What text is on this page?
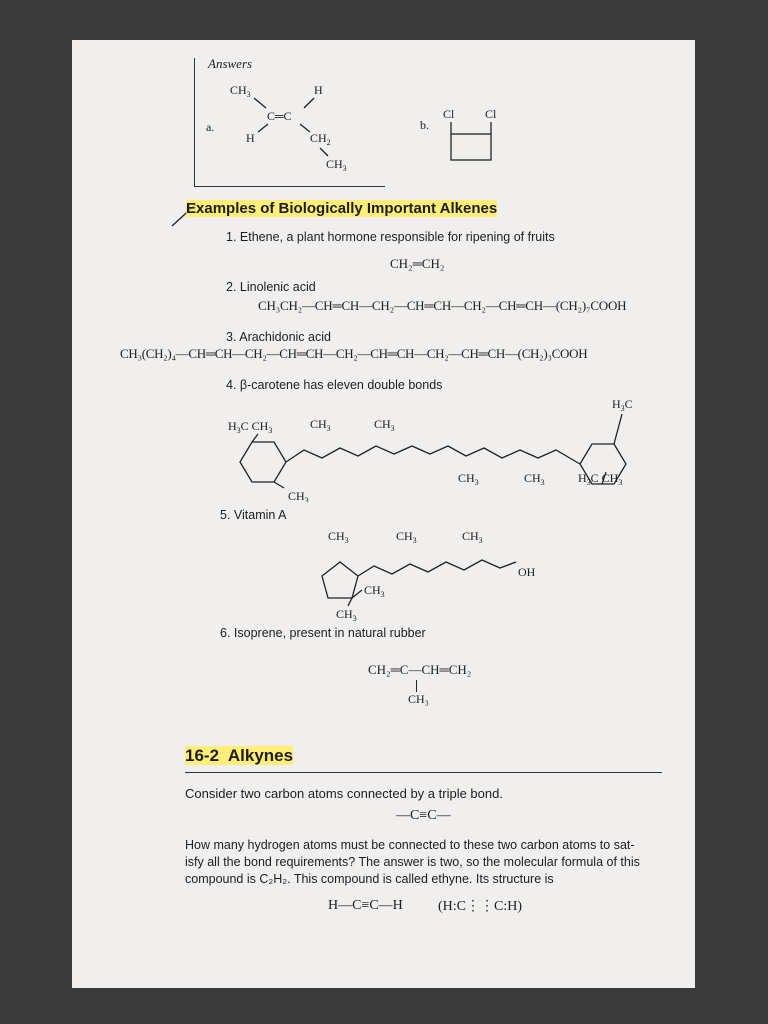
Answers
a.	b.
$CH_3$	H
C═C
H	$CH_2$
$CH_3$
Cl	Cl
Examples of Biologically Important Alkenes
1. Ethene, a plant hormone responsible for ripening of fruits
CH₂═CH₂
2. Linolenic acid
CH₃CH₂—CH═CH—CH₂—CH═CH—CH₂—CH═CH—(CH₂)₇COOH
3. Arachidonic acid
CH₃(CH₂)₄—CH═CH—CH₂—CH═CH—CH₂—CH═CH—CH₂—CH═CH—(CH₂)₃COOH
4. β-carotene has eleven double bonds
$H_3C$
$H_3C$ $CH_3$	$CH_3$	$CH_3$
$CH_3$	$CH_3$
$CH_3$
$H_3C$ $CH_3$
5. Vitamin A
$CH_3$	$CH_3$	$CH_3$
OH
$CH_3$
$CH_3$
6. Isoprene, present in natural rubber
CH₂═C—CH═CH₂
CH₃
16-2 Alkynes
Consider two carbon atoms connected by a triple bond.
—C≡C—
How many hydrogen atoms must be connected to these two carbon atoms to sat-
isfy all the bond requirements? The answer is two, so the molecular formula of this
compound is C₂H₂. This compound is called ethyne. Its structure is
H—C≡C—H	(H:C⋮⋮C:H)
